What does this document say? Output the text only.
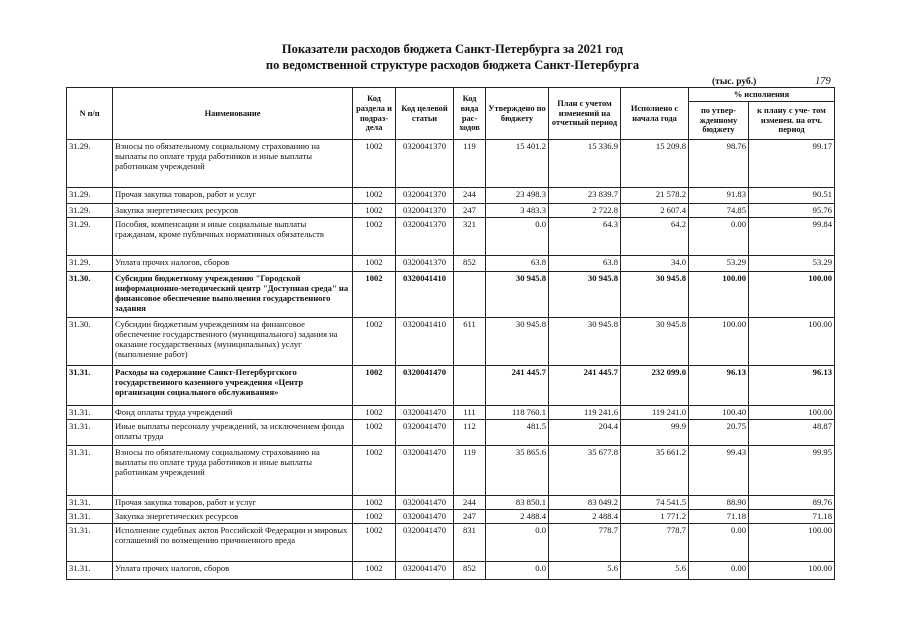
Показатели расходов бюджета Санкт-Петербурга за 2021 год
по ведомственной структуре расходов бюджета Санкт-Петербурга
(тыс. руб.)	179
N п/п	Наименование	Код раздела и подраз- дела	Код целевой статьи	Код вида рас- ходов	Утверждено по бюджету	План с учетом изменений на отчетный период	Исполнено с начала года	% исполнения	
								по утвер- жденному бюджету	к плану с уче- том изменен. на отч. период
31.29.	Взносы по обязательному социальному страхованию на выплаты по оплате труда работников и иные выплаты работникам учреждений	1002	0320041370	119	15 401.2	15 336.9	15 209.8	98.76	99.17
31.29.	Прочая закупка товаров, работ и услуг	1002	0320041370	244	23 498.3	23 839.7	21 578.2	91.83	90.51
31.29.	Закупка энергетических ресурсов	1002	0320041370	247	3 483.3	2 722.8	2 607.4	74.85	95.76
31.29.	Пособия, компенсации и иные социальные выплаты гражданам, кроме публичных нормативных обязательств	1002	0320041370	321	0.0	64.3	64.2	0.00	99.84
31.29.	Уплата прочих налогов, сборов	1002	0320041370	852	63.8	63.8	34.0	53.29	53.29
31.30.	Субсидии бюджетному учреждению "Городской информационно-методический центр "Доступная среда" на финансовое обеспечение выполнения государственного задания	1002	0320041410		30 945.8	30 945.8	30 945.8	100.00	100.00
31.30.	Субсидии бюджетным учреждениям на финансовое обеспечение государственного (муниципального) задания на оказание государственных (муниципальных) услуг (выполнение работ)	1002	0320041410	611	30 945.8	30 945.8	30 945.8	100.00	100.00
31.31.	Расходы на содержание Санкт-Петербургского государственного казенного учреждения «Центр организации социального обслуживания»	1002	0320041470		241 445.7	241 445.7	232 099.0	96.13	96.13
31.31.	Фонд оплаты труда учреждений	1002	0320041470	111	118 760.1	119 241.6	119 241.0	100.40	100.00
31.31.	Иные выплаты персоналу учреждений, за исключением фонда оплаты труда	1002	0320041470	112	481.5	204.4	99.9	20.75	48.87
31.31.	Взносы по обязательному социальному страхованию на выплаты по оплате труда работников и иные выплаты работникам учреждений	1002	0320041470	119	35 865.6	35 677.8	35 661.2	99.43	99.95
31.31.	Прочая закупка товаров, работ и услуг	1002	0320041470	244	83 850.1	83 049.2	74 541.5	88.90	89.76
31.31.	Закупка энергетических ресурсов	1002	0320041470	247	2 488.4	2 488.4	1 771.2	71.18	71.18
31.31.	Исполнение судебных актов Российской Федерации и мировых соглашений по возмещению причиненного вреда	1002	0320041470	831	0.0	778.7	778.7	0.00	100.00
31.31.	Уплата прочих налогов, сборов	1002	0320041470	852	0.0	5.6	5.6	0.00	100.00
